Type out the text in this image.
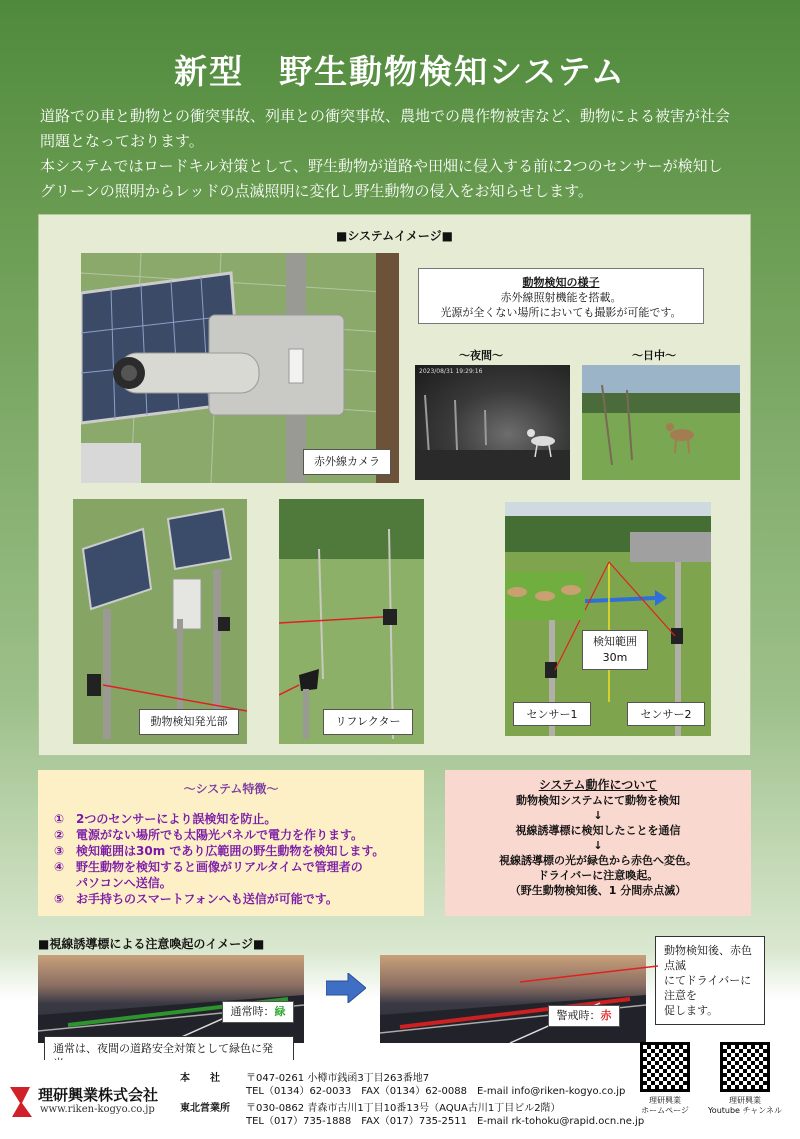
新型　野生動物検知システム

道路での車と動物との衝突事故、列車との衝突事故、農地での農作物被害など、動物による被害が社会

問題となっております。

本システムではロードキル対策として、野生動物が道路や田畑に侵入する前に2つのセンサーが検知し

グリーンの照明からレッドの点滅照明に変化し野生動物の侵入をお知らせします。

■システムイメージ■
赤外線カメラ
動物検知の様子
赤外線照射機能を搭載。
光源が全くない場所においても撮影が可能です。
～夜間～	～日中～
2023/08/31 19:29:16
動物検知発光部	リフレクター
検知範囲
30m
センサー1	センサー2
～システム特徴～
① 2つのセンサーにより誤検知を防止。
② 電源がない場所でも太陽光パネルで電力を作ります。
③ 検知範囲は30m であり広範囲の野生動物を検知します。
④ 野生動物を検知すると画像がリアルタイムで管理者の
パソコンへ送信。
⑤ お手持ちのスマートフォンへも送信が可能です。
システム動作について
動物検知システムにて動物を検知
↓
視線誘導標に検知したことを通信
↓
視線誘導標の光が緑色から赤色へ変色。
ドライバーに注意喚起。
（野生動物検知後、1 分間赤点滅）
■視線誘導標による注意喚起のイメージ■
通常時：緑	警戒時：赤
動物検知後、赤色点滅
にてドライバーに注意を
促します。
通常は、夜間の道路安全対策として緑色に発
理研興業株式会社
www.riken-kogyo.co.jp
本　　社	〒047-0261 小樽市銭函3丁目263番地7
TEL（0134）62-0033　FAX（0134）62-0088　E-mail info@riken-kogyo.co.jp
東北営業所 〒030-0862 青森市古川1丁目10番13号（AQUA古川1丁目ビル2階）
TEL（017）735-1888　FAX（017）735-2511　E-mail rk-tohoku@rapid.ocn.ne.jp
理研興業
ホームページ
理研興業
Youtube チャンネル
